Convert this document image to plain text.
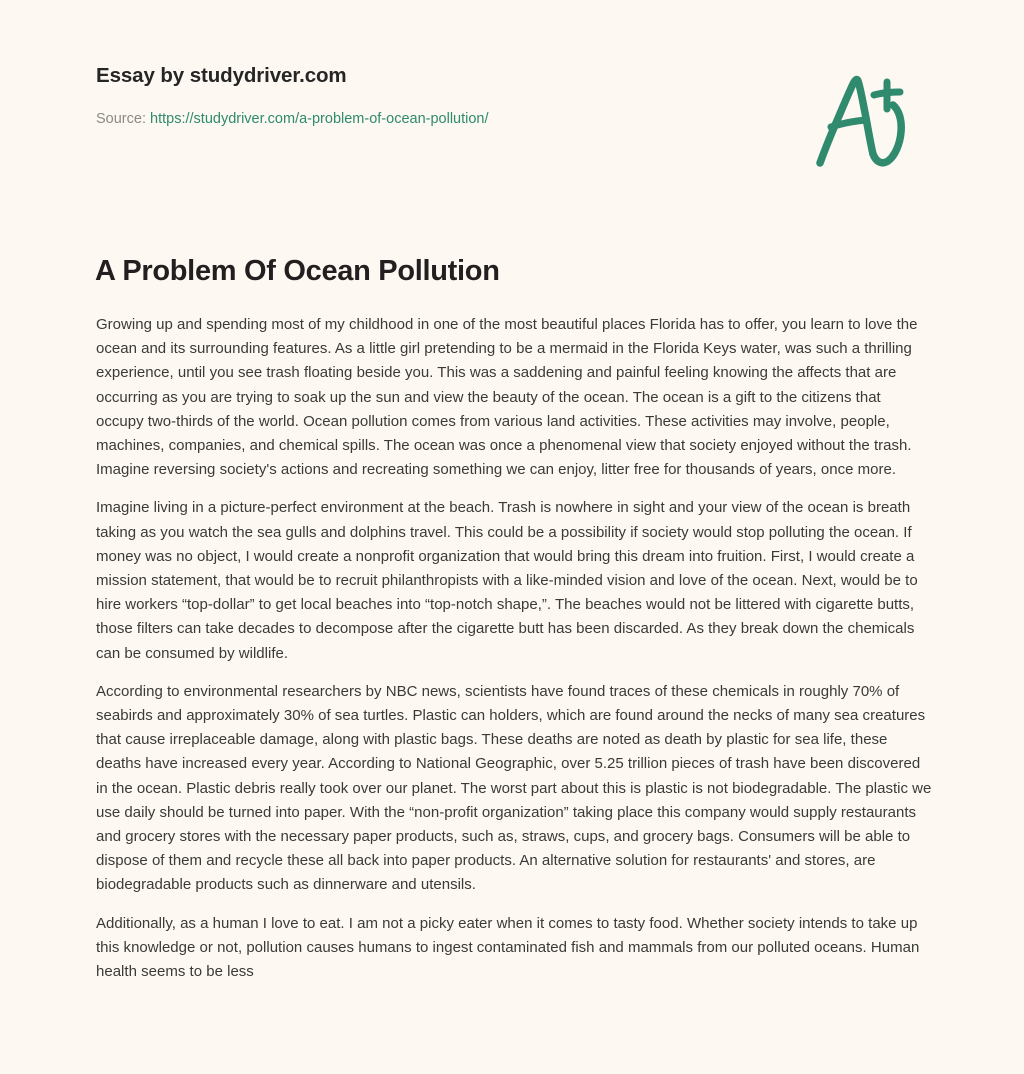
Essay by studydriver.com
Source: https://studydriver.com/a-problem-of-ocean-pollution/
A Problem Of Ocean Pollution

Growing up and spending most of my childhood in one of the most beautiful places Florida has to offer, you learn to love the ocean and its surrounding features. As a little girl pretending to be a mermaid in the Florida Keys water, was such a thrilling experience, until you see trash floating beside you. This was a saddening and painful feeling knowing the affects that are occurring as you are trying to soak up the sun and view the beauty of the ocean. The ocean is a gift to the citizens that occupy two-thirds of the world. Ocean pollution comes from various land activities. These activities may involve, people, machines, companies, and chemical spills. The ocean was once a phenomenal view that society enjoyed without the trash. Imagine reversing society's actions and recreating something we can enjoy, litter free for thousands of years, once more.

Imagine living in a picture-perfect environment at the beach. Trash is nowhere in sight and your view of the ocean is breath taking as you watch the sea gulls and dolphins travel. This could be a possibility if society would stop polluting the ocean. If money was no object, I would create a nonprofit organization that would bring this dream into fruition. First, I would create a mission statement, that would be to recruit philanthropists with a like-minded vision and love of the ocean. Next, would be to hire workers “top-dollar” to get local beaches into “top-notch shape,”. The beaches would not be littered with cigarette butts, those filters can take decades to decompose after the cigarette butt has been discarded. As they break down the chemicals can be consumed by wildlife.

According to environmental researchers by NBC news, scientists have found traces of these chemicals in roughly 70% of seabirds and approximately 30% of sea turtles. Plastic can holders, which are found around the necks of many sea creatures that cause irreplaceable damage, along with plastic bags. These deaths are noted as death by plastic for sea life, these deaths have increased every year. According to National Geographic, over 5.25 trillion pieces of trash have been discovered in the ocean. Plastic debris really took over our planet. The worst part about this is plastic is not biodegradable. The plastic we use daily should be turned into paper. With the “non-profit organization” taking place this company would supply restaurants and grocery stores with the necessary paper products, such as, straws, cups, and grocery bags. Consumers will be able to dispose of them and recycle these all back into paper products. An alternative solution for restaurants' and stores, are biodegradable products such as dinnerware and utensils.

Additionally, as a human I love to eat. I am not a picky eater when it comes to tasty food. Whether society intends to take up this knowledge or not, pollution causes humans to ingest contaminated fish and mammals from our polluted oceans. Human health seems to be less
